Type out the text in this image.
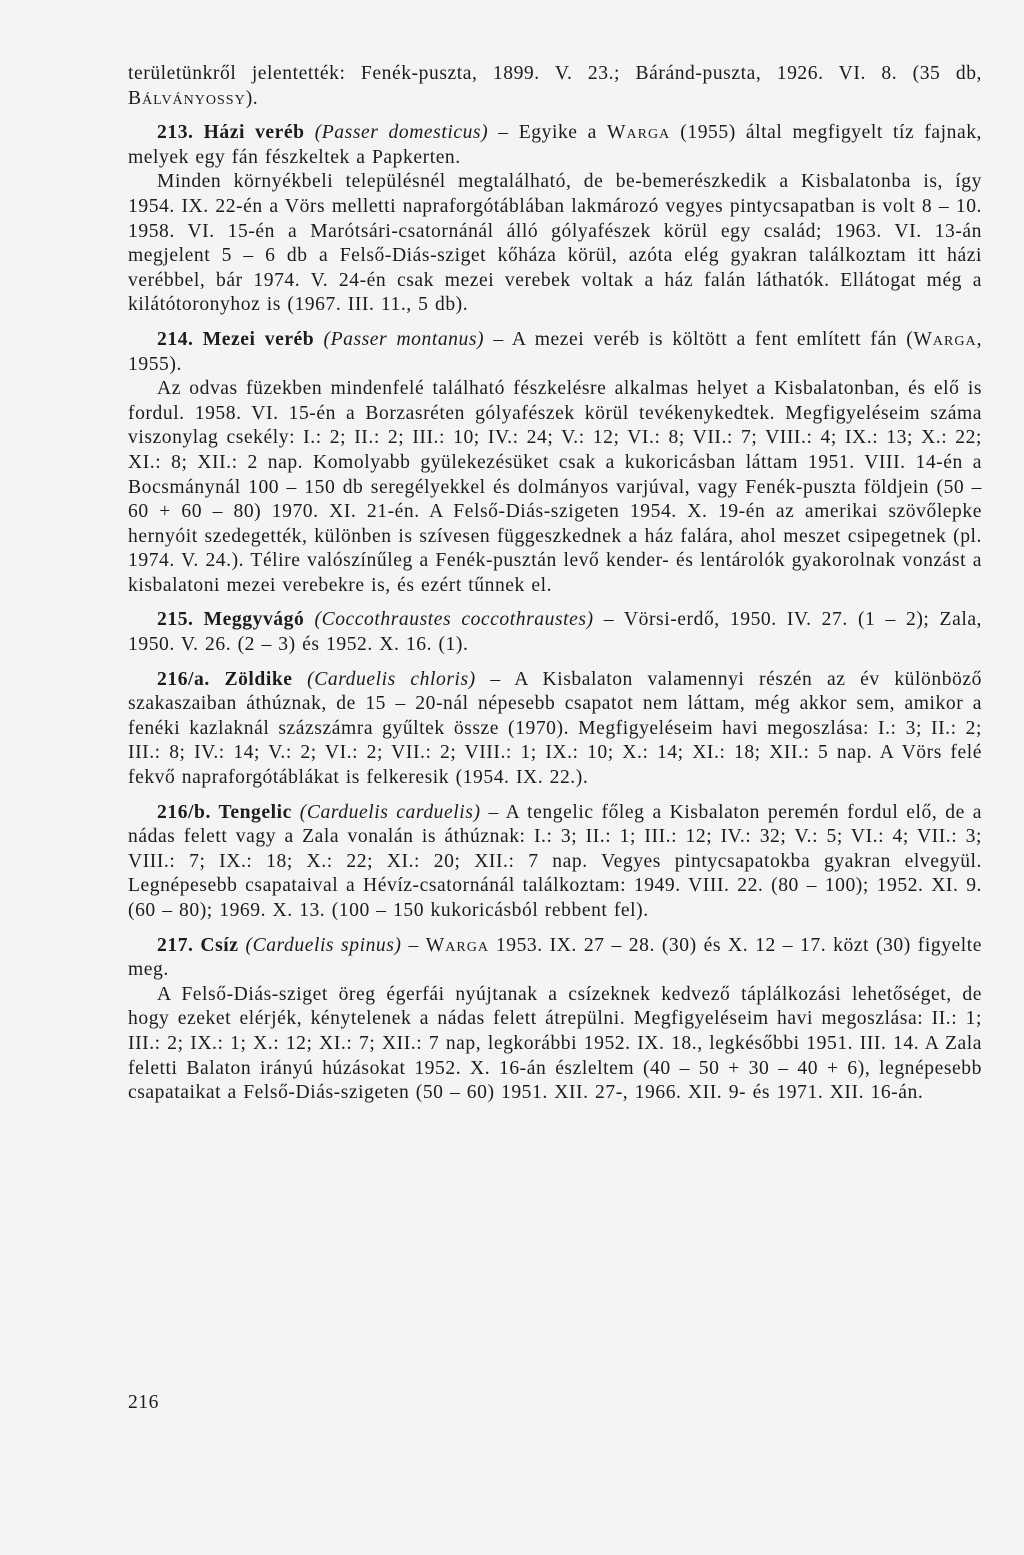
területünkről jelentették: Fenék-puszta, 1899. V. 23.; Báránd-puszta, 1926. VI. 8. (35 db, Bálványossy).

213. Házi veréb (Passer domesticus) – Egyike a Warga (1955) által megfigyelt tíz fajnak, melyek egy fán fészkeltek a Papkerten.

Minden környékbeli településnél megtalálható, de be-bemerészkedik a Kisbalatonba is, így 1954. IX. 22-én a Vörs melletti napraforgótáblában lakmározó vegyes pintycsapatban is volt 8 – 10. 1958. VI. 15-én a Marótsári-csatornánál álló gólyafészek körül egy család; 1963. VI. 13-án megjelent 5 – 6 db a Felső-Diás-sziget kőháza körül, azóta elég gyakran találkoztam itt házi verébbel, bár 1974. V. 24-én csak mezei verebek voltak a ház falán láthatók. Ellátogat még a kilátótoronyhoz is (1967. III. 11., 5 db).

214. Mezei veréb (Passer montanus) – A mezei veréb is költött a fent említett fán (Warga, 1955).

Az odvas füzekben mindenfelé található fészkelésre alkalmas helyet a Kisbalatonban, és elő is fordul. 1958. VI. 15-én a Borzasréten gólyafészek körül tevékenykedtek. Megfigyeléseim száma viszonylag csekély: I.: 2; II.: 2; III.: 10; IV.: 24; V.: 12; VI.: 8; VII.: 7; VIII.: 4; IX.: 13; X.: 22; XI.: 8; XII.: 2 nap. Komolyabb gyülekezésüket csak a kukoricásban láttam 1951. VIII. 14-én a Bocsmánynál 100 – 150 db seregélyekkel és dolmányos varjúval, vagy Fenék-puszta földjein (50 – 60 + 60 – 80) 1970. XI. 21-én. A Felső-Diás-szigeten 1954. X. 19-én az amerikai szövőlepke hernyóit szedegették, különben is szívesen függeszkednek a ház falára, ahol meszet csipegetnek (pl. 1974. V. 24.). Télire valószínűleg a Fenék-pusztán levő kender- és lentárolók gyakorolnak vonzást a kisbalatoni mezei verebekre is, és ezért tűnnek el.

215. Meggyvágó (Coccothraustes coccothraustes) – Vörsi-erdő, 1950. IV. 27. (1 – 2); Zala, 1950. V. 26. (2 – 3) és 1952. X. 16. (1).

216/a. Zöldike (Carduelis chloris) – A Kisbalaton valamennyi részén az év különböző szakaszaiban áthúznak, de 15 – 20-nál népesebb csapatot nem láttam, még akkor sem, amikor a fenéki kazlaknál százszámra gyűltek össze (1970). Megfigyeléseim havi megoszlása: I.: 3; II.: 2; III.: 8; IV.: 14; V.: 2; VI.: 2; VII.: 2; VIII.: 1; IX.: 10; X.: 14; XI.: 18; XII.: 5 nap. A Vörs felé fekvő napraforgótáblákat is felkeresik (1954. IX. 22.).

216/b. Tengelic (Carduelis carduelis) – A tengelic főleg a Kisbalaton peremén fordul elő, de a nádas felett vagy a Zala vonalán is áthúznak: I.: 3; II.: 1; III.: 12; IV.: 32; V.: 5; VI.: 4; VII.: 3; VIII.: 7; IX.: 18; X.: 22; XI.: 20; XII.: 7 nap. Vegyes pintycsapatokba gyakran elvegyül. Legnépesebb csapataival a Hévíz-csatornánál találkoztam: 1949. VIII. 22. (80 – 100); 1952. XI. 9. (60 – 80); 1969. X. 13. (100 – 150 kukoricásból rebbent fel).

217. Csíz (Carduelis spinus) – Warga 1953. IX. 27 – 28. (30) és X. 12 – 17. közt (30) figyelte meg.

A Felső-Diás-sziget öreg égerfái nyújtanak a csízeknek kedvező táplálkozási lehetőséget, de hogy ezeket elérjék, kénytelenek a nádas felett átrepülni. Megfigyeléseim havi megoszlása: II.: 1; III.: 2; IX.: 1; X.: 12; XI.: 7; XII.: 7 nap, legkorábbi 1952. IX. 18., legkésőbbi 1951. III. 14. A Zala feletti Balaton irányú húzásokat 1952. X. 16-án észleltem (40 – 50 + 30 – 40 + 6), legnépesebb csapataikat a Felső-Diás-szigeten (50 – 60) 1951. XII. 27-, 1966. XII. 9- és 1971. XII. 16-án.

216
